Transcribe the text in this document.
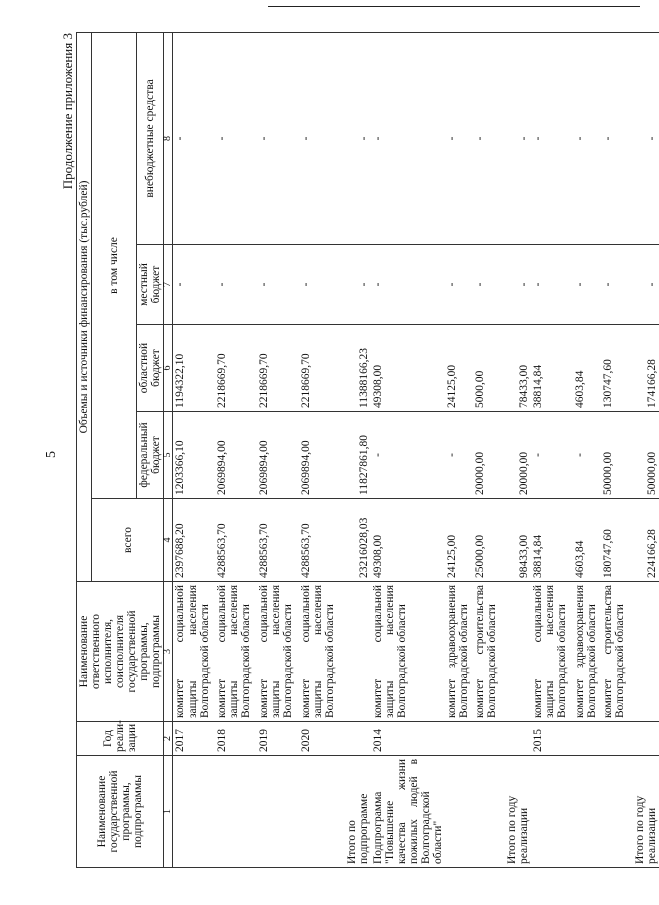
5
Продолжение приложения 3
Наименование государственной программы, подпрограммы	Год реали-зации	Наименование ответственного исполнителя, соисполнителя государственной программы, подпрограммы	Объемы и источники финансирования (тыс.рублей)				
			всего	в том числе			
				федеральный бюджет	областной бюджет	местный бюджет	внебюджетные средства
1	2	3	4	5	6	7	8
	2017	комитет социальной защиты населения Волгоградской области	2397688,20	1203366,10	1194322,10	-	-
	2018	комитет социальной защиты населения Волгоградской области	4288563,70	2069894,00	2218669,70	-	-
	2019	комитет социальной защиты населения Волгоградской области	4288563,70	2069894,00	2218669,70	-	-
	2020	комитет социальной защиты населения Волгоградской области	4288563,70	2069894,00	2218669,70	-	-
Итого по подпрограмме			23216028,03	11827861,80	11388166,23	-	-
Подпрограмма "Повышение качества жизни пожилых людей в Волгоградской области"	2014	комитет социальной защиты населения Волгоградской области	49308,00	-	49308,00	-	-
		комитет здравоохранения Волгоградской области	24125,00	-	24125,00	-	-
		комитет строительства Волгоградской области	25000,00	20000,00	5000,00	-	-
Итого по году реализации			98433,00	20000,00	78433,00	-	-
	2015	комитет социальной защиты населения Волгоградской области	38814,84	-	38814,84	-	-
		комитет здравоохранения Волгоградской области	4603,84	-	4603,84	-	-
		комитет строительства Волгоградской области	180747,60	50000,00	130747,60	-	-
Итого по году реализации			224166,28	50000,00	174166,28	-	-
